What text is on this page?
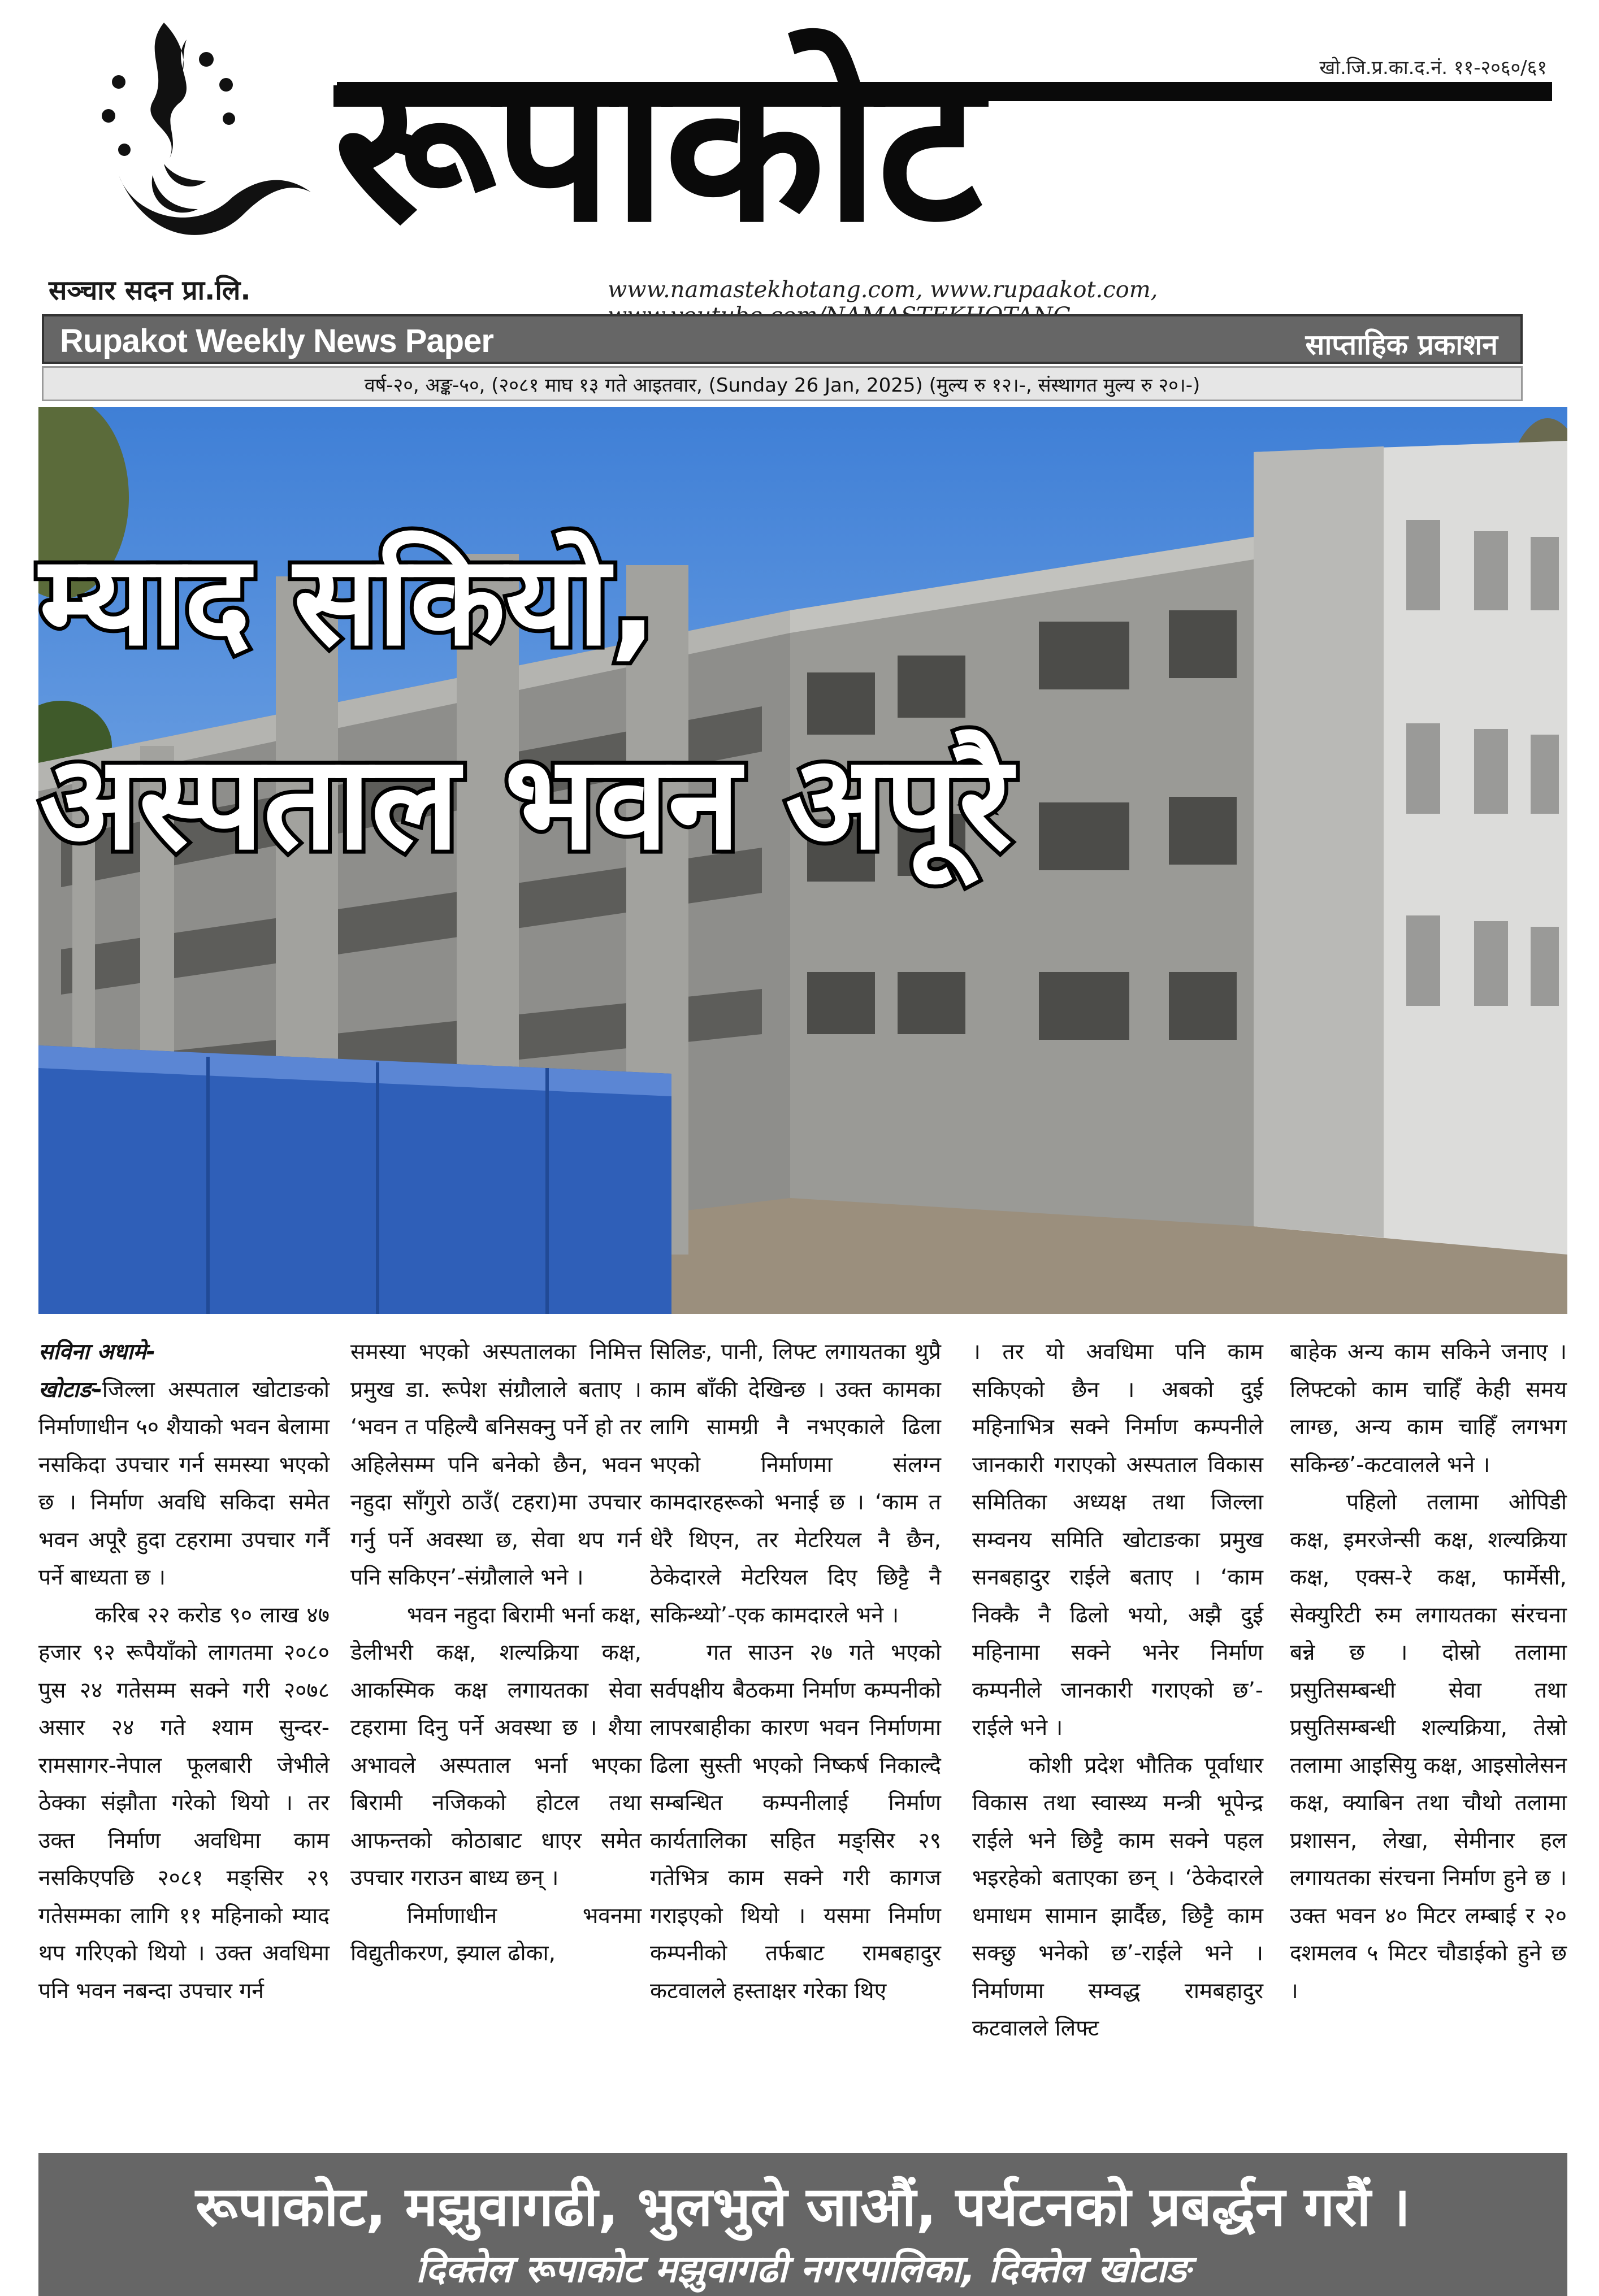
खो.जि.प्र.का.द.नं. ११-२०६०/६१
रूपाकोट
सञ्चार सदन प्रा.लि.	www.namastekhotang.com, www.rupaakot.com,
Rupakot Weekly News Paper	साप्ताहिक प्रकाशन
वर्ष-२०, अङ्क-५०, (२०८१ माघ १३ गते आइतवार, (Sunday 26 Jan, 2025) (मुल्य रु १२।-, संस्थागत मुल्य रु २०।-)
म्याद सकियो,
अस्पताल भवन अपूरै

सविना अधामे-
खोटाङ-जिल्ला अस्पताल खोटाङको निर्माणाधीन ५० शैयाको भवन बेलामा नसकिदा उपचार गर्न समस्या भएको छ । निर्माण अवधि सकिदा समेत भवन अपूरै हुदा टहरामा उपचार गर्नै पर्ने बाध्यता छ ।

करिब २२ करोड ९० लाख ४७ हजार ९२ रूपैयाँको लागतमा २०८० पुस २४ गतेसम्म सक्ने गरी २०७८ असार २४ गते श्याम सुन्दर-रामसागर-नेपाल फूलबारी जेभीले ठेक्का संझौता गरेको थियो । तर उक्त निर्माण अवधिमा काम नसकिएपछि २०८१ मङ्सिर २९ गतेसम्मका लागि ११ महिनाको म्याद थप गरिएको थियो । उक्त अवधिमा पनि भवन नबन्दा उपचार गर्न

समस्या भएको अस्पतालका निमित्त प्रमुख डा. रूपेश संग्रौलाले बताए । ‘भवन त पहिल्यै बनिसक्नु पर्ने हो तर अहिलेसम्म पनि बनेको छैन, भवन नहुदा साँगुरो ठाउँ( टहरा)मा उपचार गर्नु पर्ने अवस्था छ, सेवा थप गर्न पनि सकिएन’-संग्रौलाले भने ।

भवन नहुदा बिरामी भर्ना कक्ष, डेलीभरी कक्ष, शल्यक्रिया कक्ष, आकस्मिक कक्ष लगायतका सेवा टहरामा दिनु पर्ने अवस्था छ । शैया अभावले अस्पताल भर्ना भएका बिरामी नजिकको होटल तथा आफन्तको कोठाबाट धाएर समेत उपचार गराउन बाध्य छन् ।

निर्माणाधीन भवनमा विद्युतीकरण, झ्याल ढोका,

सिलिङ, पानी, लिफ्ट लगायतका थुप्रै काम बाँकी देखिन्छ । उक्त कामका लागि सामग्री नै नभएकाले ढिला भएको निर्माणमा संलग्न कामदारहरूको भनाई छ । ‘काम त धेरै थिएन, तर मेटरियल नै छैन, ठेकेदारले मेटरियल दिए छिट्टै नै सकिन्थ्यो’-एक कामदारले भने ।

गत साउन २७ गते भएको सर्वपक्षीय बैठकमा निर्माण कम्पनीको लापरबाहीका कारण भवन निर्माणमा ढिला सुस्ती भएको निष्कर्ष निकाल्दै सम्बन्धित कम्पनीलाई निर्माण कार्यतालिका सहित मङ्सिर २९ गतेभित्र काम सक्ने गरी कागज गराइएको थियो । यसमा निर्माण कम्पनीको तर्फबाट रामबहादुर कटवालले हस्ताक्षर गरेका थिए

। तर यो अवधिमा पनि काम सकिएको छैन । अबको दुई महिनाभित्र सक्ने निर्माण कम्पनीले जानकारी गराएको अस्पताल विकास समितिका अध्यक्ष तथा जिल्ला सम्वनय समिति खोटाङका प्रमुख सनबहादुर राईले बताए । ‘काम निक्कै नै ढिलो भयो, अझै दुई महिनामा सक्ने भनेर निर्माण कम्पनीले जानकारी गराएको छ’-राईले भने ।

कोशी प्रदेश भौतिक पूर्वाधार विकास तथा स्वास्थ्य मन्त्री भूपेन्द्र राईले भने छिट्टै काम सक्ने पहल भइरहेको बताएका छन् । ‘ठेकेदारले धमाधम सामान झार्दैछ, छिट्टै काम सक्छु भनेको छ’-राईले भने । निर्माणमा सम्वद्ध रामबहादुर कटवालले लिफ्ट

बाहेक अन्य काम सकिने जनाए । लिफ्टको काम चाहिँ केही समय लाग्छ, अन्य काम चाहिँ लगभग सकिन्छ’-कटवालले भने ।

पहिलो तलामा ओपिडी कक्ष, इमरजेन्सी कक्ष, शल्यक्रिया कक्ष, एक्स-रे कक्ष, फार्मेसी, सेक्युरिटी रुम लगायतका संरचना बन्ने छ । दोस्रो तलामा प्रसुतिसम्बन्धी सेवा तथा प्रसुतिसम्बन्धी शल्यक्रिया, तेस्रो तलामा आइसियु कक्ष, आइसोलेसन कक्ष, क्याबिन तथा चौथो तलामा प्रशासन, लेखा, सेमीनार हल लगायतका संरचना निर्माण हुने छ । उक्त भवन ४० मिटर लम्बाई र २० दशमलव ५ मिटर चौडाईको हुने छ ।

रूपाकोट, मझुवागढी, भुलभुले जाऔं, पर्यटनको प्रबर्द्धन गरौं ।
दिक्तेल रूपाकोट मझुवागढी नगरपालिका, दिक्तेल खोटाङ
